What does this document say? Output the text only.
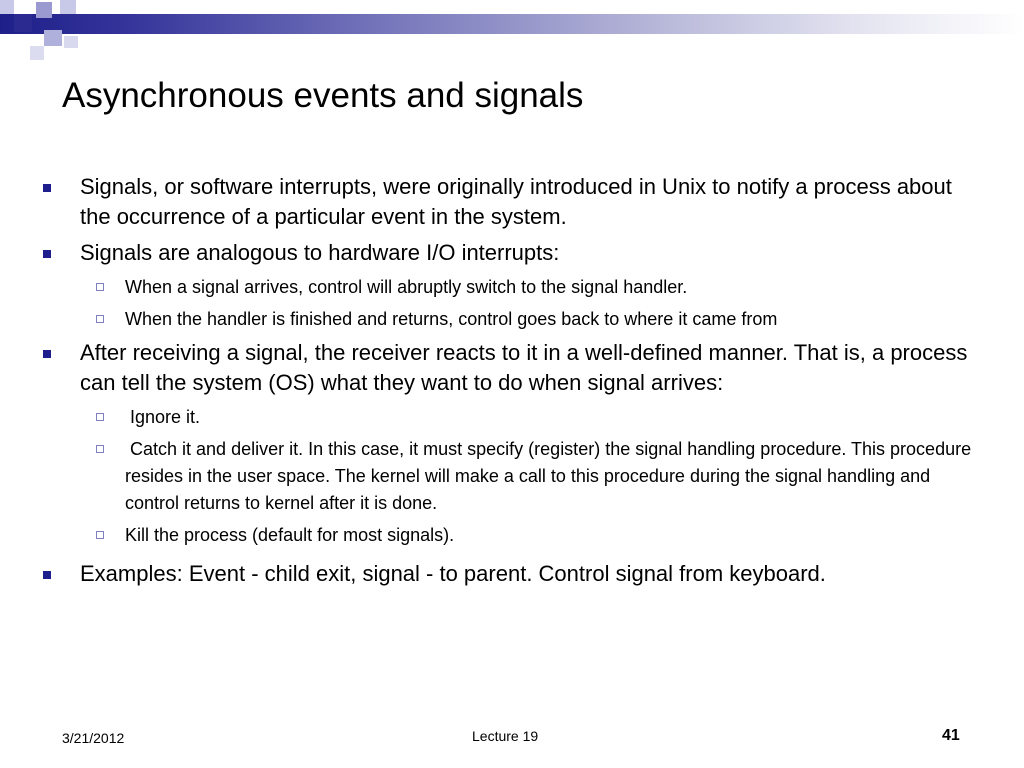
Asynchronous events and signals
Signals, or software interrupts, were originally introduced in Unix to notify a process about the occurrence of a particular event in the system.
Signals are analogous to hardware I/O interrupts:
When a signal arrives, control will abruptly switch to the signal handler.
When the handler is finished and returns, control goes back to where it came from
After receiving a signal, the receiver reacts to it in a well-defined manner. That is, a process can tell the system (OS) what they want to do when signal arrives:
Ignore it.
Catch it and deliver it. In this case, it must specify (register) the signal handling procedure. This procedure resides in the user space. The kernel will make a call to this procedure during the signal handling and control returns to kernel after it is done.
Kill the process (default for most signals).
Examples: Event - child exit, signal - to parent. Control signal from keyboard.
3/21/2012	Lecture 19	41
